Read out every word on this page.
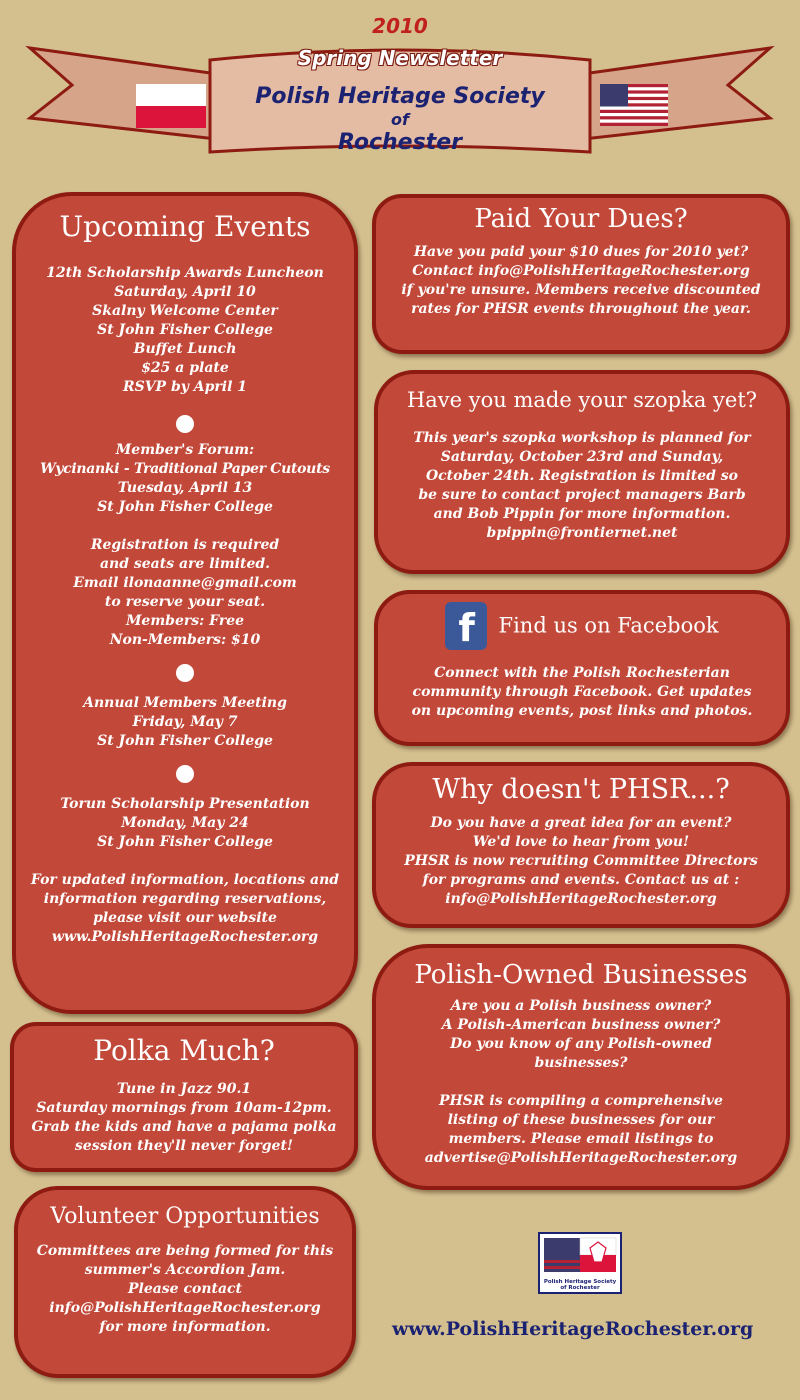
2010
Spring Newsletter
Polish Heritage Society
of
Rochester
Upcoming Events
12th Scholarship Awards Luncheon
Saturday, April 10
Skalny Welcome Center
St John Fisher College
Buffet Lunch
$25 a plate
RSVP by April 1
Member's Forum:
Wycinanki - Traditional Paper Cutouts
Tuesday, April 13
St John Fisher College
Registration is required
and seats are limited.
Email ilonaanne@gmail.com
to reserve your seat.
Members: Free
Non-Members: $10
Annual Members Meeting
Friday, May 7
St John Fisher College
Torun Scholarship Presentation
Monday, May 24
St John Fisher College
For updated information, locations and
information regarding reservations,
please visit our website
www.PolishHeritageRochester.org
Polka Much?
Tune in Jazz 90.1
Saturday mornings from 10am-12pm.
Grab the kids and have a pajama polka
session they'll never forget!
Volunteer Opportunities
Committees are being formed for this
summer's Accordion Jam.
Please contact
info@PolishHeritageRochester.org
for more information.
Paid Your Dues?
Have you paid your $10 dues for 2010 yet?
Contact info@PolishHeritageRochester.org
if you're unsure. Members receive discounted
rates for PHSR events throughout the year.
Have you made your szopka yet?
This year's szopka workshop is planned for
Saturday, October 23rd and Sunday,
October 24th. Registration is limited so
be sure to contact project managers Barb
and Bob Pippin for more information.
bpippin@frontiernet.net
f Find us on Facebook
Connect with the Polish Rochesterian
community through Facebook. Get updates
on upcoming events, post links and photos.
Why doesn't PHSR...?
Do you have a great idea for an event?
We'd love to hear from you!
PHSR is now recruiting Committee Directors
for programs and events. Contact us at :
info@PolishHeritageRochester.org
Polish-Owned Businesses
Are you a Polish business owner?
A Polish-American business owner?
Do you know of any Polish-owned
businesses?
PHSR is compiling a comprehensive
listing of these businesses for our
members. Please email listings to
advertise@PolishHeritageRochester.org
Polish Heritage Society
of Rochester
www.PolishHeritageRochester.org
